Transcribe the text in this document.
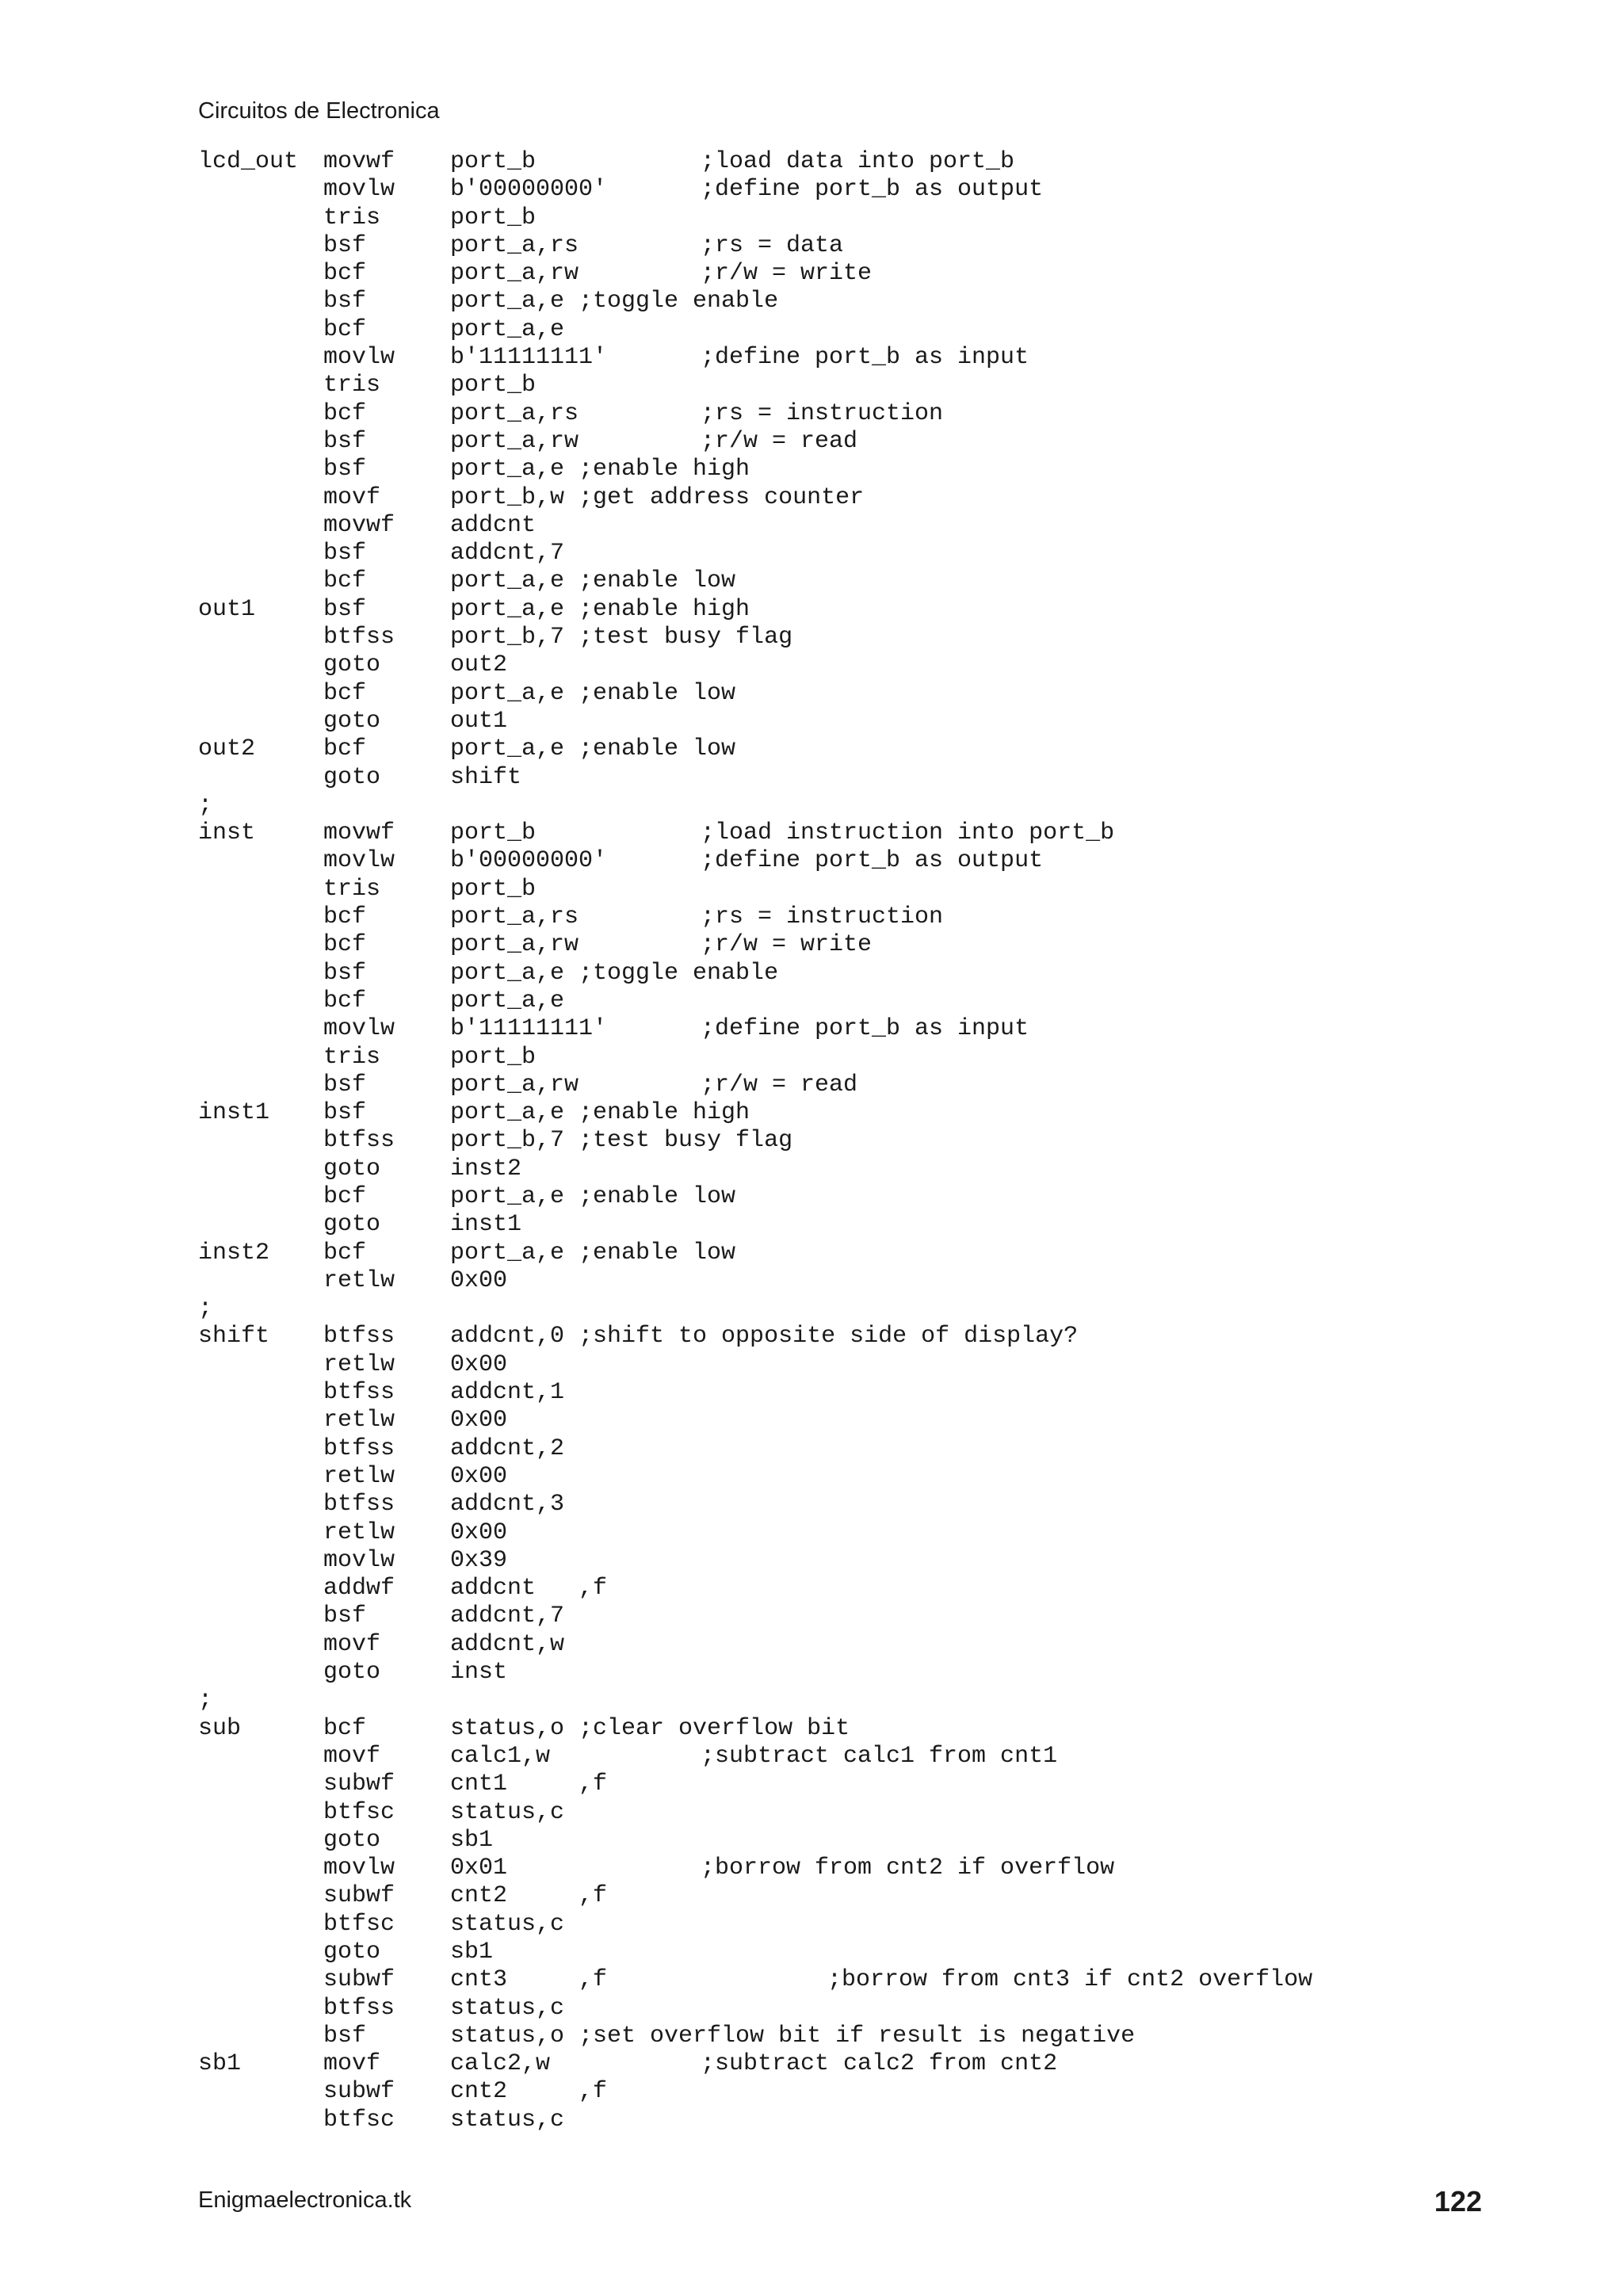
Circuitos de Electronica
lcd_out movwf port_b	;load data into port_b
movlw b'00000000'	;define port_b as output
tris	port_b
bsf	port_a,rs	;rs = data
bcf	port_a,rw	;r/w = write
bsf	port_a,e ;toggle enable
bcf	port_a,e
movlw b'11111111'	;define port_b as input
tris	port_b
bcf	port_a,rs	;rs = instruction
bsf	port_a,rw	;r/w = read
bsf	port_a,e ;enable high
movf	port_b,w ;get address counter
movwf addcnt
bsf	addcnt,7
bcf	port_a,e ;enable low
out1	bsf	port_a,e ;enable high
btfss port_b,7 ;test busy flag
goto	out2
bcf	port_a,e ;enable low
goto	out1
out2	bcf	port_a,e ;enable low
goto	shift
;
inst	movwf port_b	;load instruction into port_b
movlw b'00000000'	;define port_b as output
tris	port_b
bcf	port_a,rs	;rs = instruction
bcf	port_a,rw	;r/w = write
bsf	port_a,e ;toggle enable
bcf	port_a,e
movlw b'11111111'	;define port_b as input
tris	port_b
bsf	port_a,rw	;r/w = read
inst1 bsf	port_a,e ;enable high
btfss port_b,7 ;test busy flag
goto	inst2
bcf	port_a,e ;enable low
goto	inst1
inst2 bcf	port_a,e ;enable low
retlw 0x00
;
shift btfss addcnt,0 ;shift to opposite side of display?
retlw 0x00
btfss addcnt,1
retlw 0x00
btfss addcnt,2
retlw 0x00
btfss addcnt,3
retlw 0x00
movlw 0x39
addwf addcnt   ,f
bsf	addcnt,7
movf	addcnt,w
goto	inst
;
sub	bcf	status,o ;clear overflow bit
movf	calc1,w	;subtract calc1 from cnt1
subwf cnt1     ,f
btfsc status,c
goto	sb1
movlw 0x01	;borrow from cnt2 if overflow
subwf cnt2     ,f
btfsc status,c
goto	sb1
subwf cnt3     ,f	;borrow from cnt3 if cnt2 overflow
btfss status,c
bsf	status,o ;set overflow bit if result is negative
sb1	movf	calc2,w	;subtract calc2 from cnt2
subwf cnt2     ,f
btfsc status,c
Enigmaelectronica.tk	122
